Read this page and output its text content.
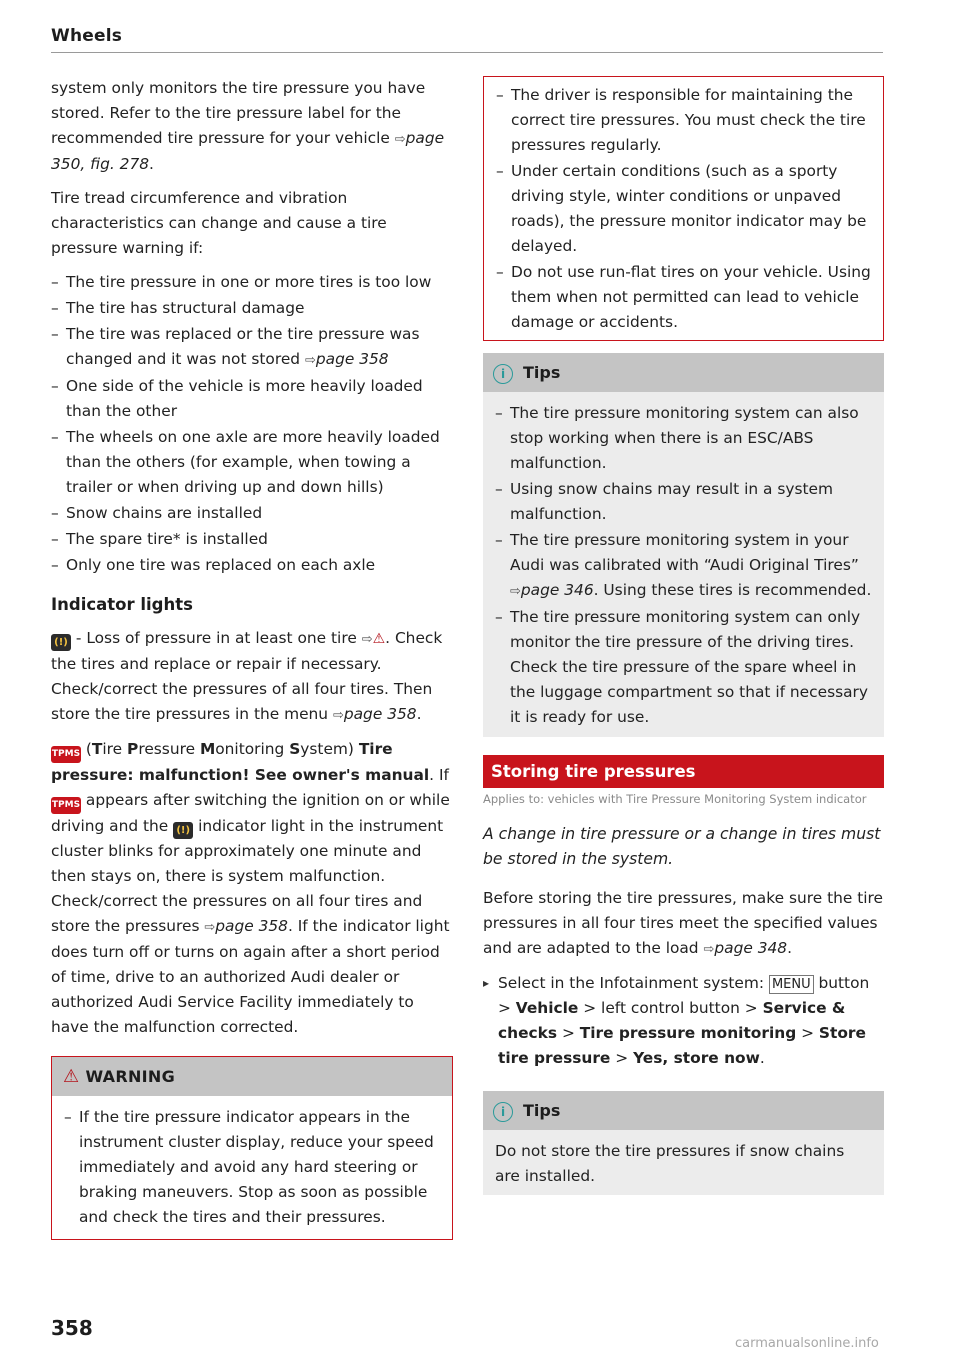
Wheels

system only monitors the tire pressure you have stored. Refer to the tire pressure label for the recommended tire pressure for your vehicle ⇨page 350, fig. 278.

Tire tread circumference and vibration characteristics can change and cause a tire pressure warning if:

– The tire pressure in one or more tires is too low
– The tire has structural damage
– The tire was replaced or the tire pressure was changed and it was not stored ⇨page 358
– One side of the vehicle is more heavily loaded than the other
– The wheels on one axle are more heavily loaded than the others (for example, when towing a trailer or when driving up and down hills)
– Snow chains are installed
– The spare tire* is installed
– Only one tire was replaced on each axle
Indicator lights

(!) - Loss of pressure in at least one tire ⇨⚠. Check the tires and replace or repair if necessary. Check/correct the pressures of all four tires. Then store the tire pressures in the menu ⇨page 358.

TPMS (Tire Pressure Monitoring System) Tire pressure: malfunction! See owner's manual. If TPMS appears after switching the ignition on or while driving and the (!) indicator light in the instrument cluster blinks for approximately one minute and then stays on, there is system malfunction. Check/correct the pressures on all four tires and store the pressures ⇨page 358. If the indicator light does turn off or turns on again after a short period of time, drive to an authorized Audi dealer or authorized Audi Service Facility immediately to have the malfunction corrected.

⚠ WARNING
– If the tire pressure indicator appears in the instrument cluster display, reduce your speed immediately and avoid any hard steering or braking maneuvers. Stop as soon as possible and check the tires and their pressures.
– The driver is responsible for maintaining the correct tire pressures. You must check the tire pressures regularly.
– Under certain conditions (such as a sporty driving style, winter conditions or unpaved roads), the pressure monitor indicator may be delayed.
– Do not use run-flat tires on your vehicle. Using them when not permitted can lead to vehicle damage or accidents.
i Tips
– The tire pressure monitoring system can also stop working when there is an ESC/ABS malfunction.
– Using snow chains may result in a system malfunction.
– The tire pressure monitoring system in your Audi was calibrated with “Audi Original Tires” ⇨page 346. Using these tires is recommended.
– The tire pressure monitoring system can only monitor the tire pressure of the driving tires. Check the tire pressure of the spare wheel in the luggage compartment so that if necessary it is ready for use.
Storing tire pressures
Applies to: vehicles with Tire Pressure Monitoring System indicator
A change in tire pressure or a change in tires must be stored in the system.

Before storing the tire pressures, make sure the tire pressures in all four tires meet the specified values and are adapted to the load ⇨page 348.

▸ Select in the Infotainment system: MENU button > Vehicle > left control button > Service & checks > Tire pressure monitoring > Store tire pressure > Yes, store now.
i Tips
Do not store the tire pressures if snow chains are installed.
358
carmanualsonline.info
